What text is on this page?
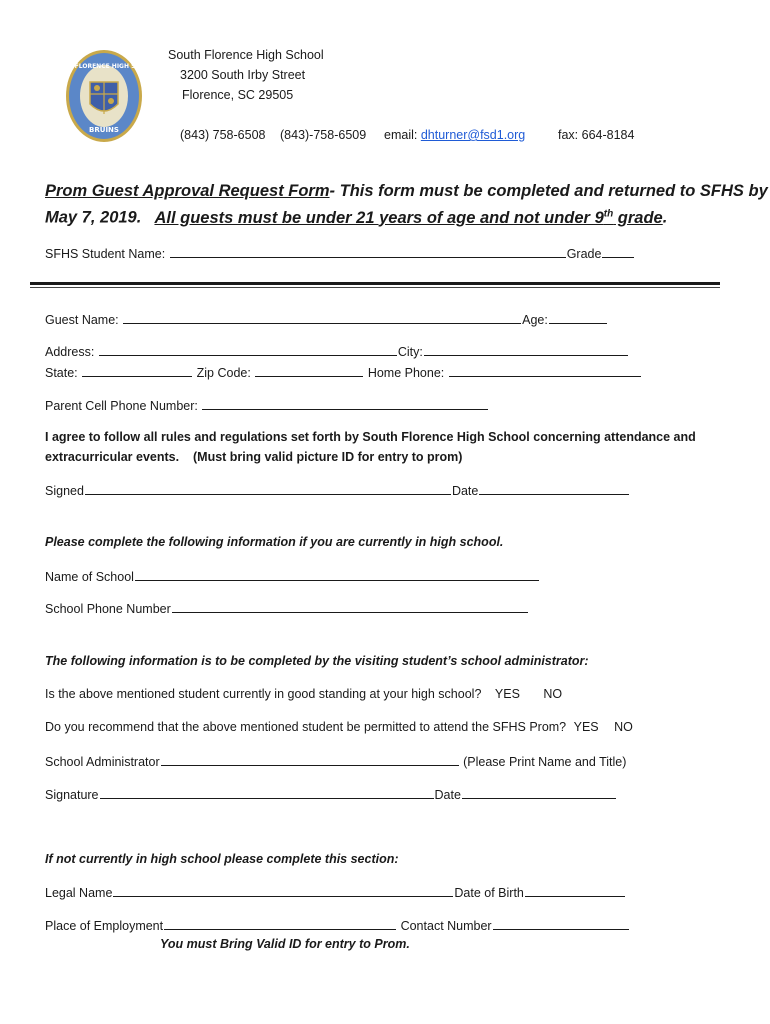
SOUTH FLORENCE HIGH SCHOOL
BRUINS
South Florence High School
3200 South Irby Street
Florence, SC 29505
(843) 758-6508 (843)-758-6509 email: dhturner@fsd1.org	fax: 664-8184
Prom Guest Approval Request Form- This form must be completed and returned to SFHS by
May 7, 2019.   All guests must be under 21 years of age and not under 9th grade.
SFHS Student Name:	Grade
Guest Name:	Age:
Address:	City:
State:	Zip Code:	Home Phone:
Parent Cell Phone Number:
I agree to follow all rules and regulations set forth by South Florence High School concerning attendance and
extracurricular events.    (Must bring valid picture ID for entry to prom)
Signed	Date
Please complete the following information if you are currently in high school.
Name of School
School Phone Number
The following information is to be completed by the visiting student’s school administrator:
Is the above mentioned student currently in good standing at your high school? YES NO
Do you recommend that the above mentioned student be permitted to attend the SFHS Prom? YES NO
School Administrator	(Please Print Name and Title)
Signature	Date
If not currently in high school please complete this section:
Legal Name	Date of Birth
Place of Employment	Contact Number
You must Bring Valid ID for entry to Prom.
